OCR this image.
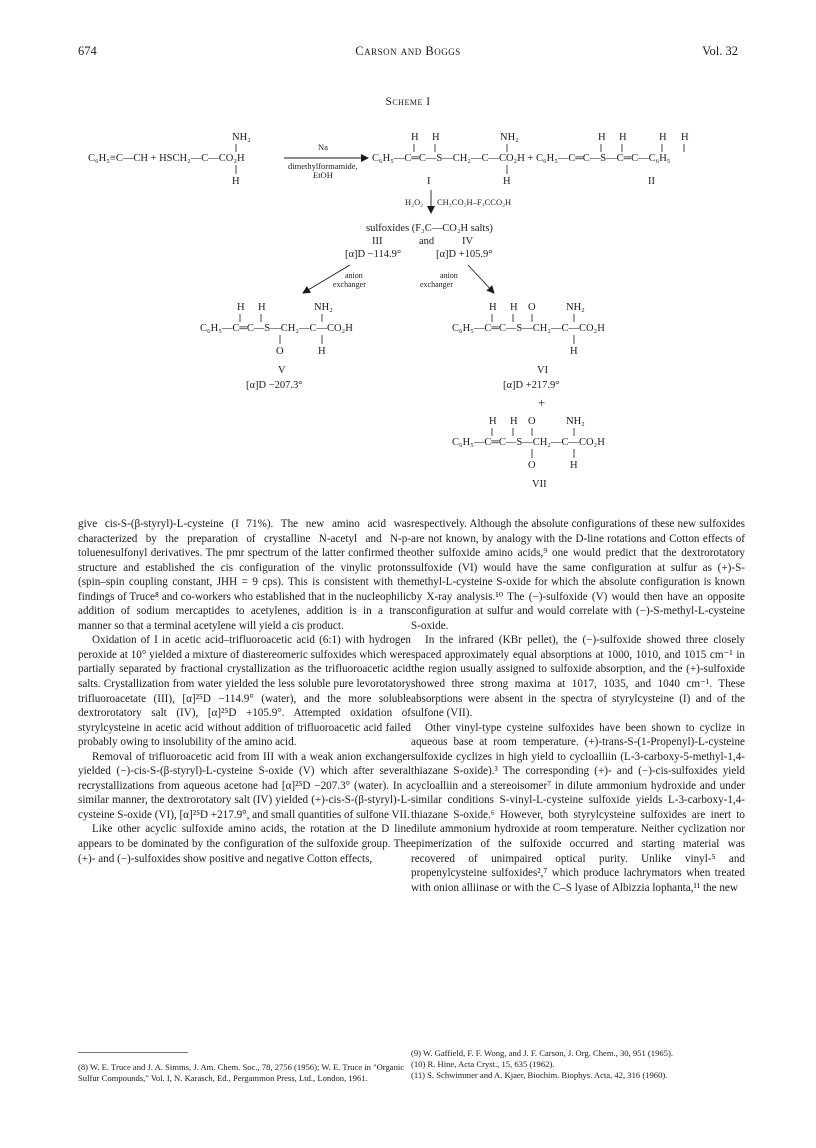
674	Carson and Boggs	Vol. 32
Scheme I
C₆H₅≡C—CH + HSCH₂—C—CO₂H
NH₂
H
Na
dimethylformamide,
EtOH
C₆H₅—C═C—S—CH₂—C—CO₂H + C₆H₅—C═C—S—C═C—C₆H₅
H H	NH₂
H
H H	H H
I	II
H₂O₂ CH₃CO₂H–F₃CCO₂H
sulfoxides (F₃C—CO₂H salts)
III	and	IV
[α]D −114.9°	[α]D +105.9°
anion
exchanger
anion
exchanger
C₆H₅—C═C—S—CH₂—C—CO₂H
H H	NH₂
H
O
V
[α]D −207.3°
C₆H₅—C═C—S—CH₂—C—CO₂H
H H O	NH₂
H
VI
[α]D +217.9°
+
C₆H₅—C═C—S—CH₂—C—CO₂H
H H O
O
NH₂
H
VII

give cis-S-(β-styryl)-L-cysteine (I 71%). The new amino acid was characterized by the preparation of crystalline N-acetyl and N-p-toluenesulfonyl derivatives. The pmr spectrum of the latter confirmed the structure and established the cis configuration of the vinylic protons (spin–spin coupling constant, JHH = 9 cps). This is consistent with the findings of Truce⁸ and co-workers who established that in the nucleophilic addition of sodium mercaptides to acetylenes, addition is in a trans manner so that a terminal acetylene will yield a cis product.

Oxidation of I in acetic acid–trifluoroacetic acid (6:1) with hydrogen peroxide at 10° yielded a mixture of diastereomeric sulfoxides which were partially separated by fractional crystallization as the trifluoroacetic acid salts. Crystallization from water yielded the less soluble pure levorotatory trifluoroacetate (III), [α]²⁵D −114.9° (water), and the more soluble dextrorotatory salt (IV), [α]²⁵D +105.9°. Attempted oxidation of styrylcysteine in acetic acid without addition of trifluoroacetic acid failed probably owing to insolubility of the amino acid.

Removal of trifluoroacetic acid from III with a weak anion exchanger yielded (−)-cis-S-(β-styryl)-L-cysteine S-oxide (V) which after several recrystallizations from aqueous acetone had [α]²⁵D −207.3° (water). In a similar manner, the dextrorotatory salt (IV) yielded (+)-cis-S-(β-styryl)-L-cysteine S-oxide (VI), [α]²⁵D +217.9°, and small quantities of sulfone VII.

Like other acyclic sulfoxide amino acids, the rotation at the D line appears to be dominated by the configuration of the sulfoxide group. The (+)- and (−)-sulfoxides show positive and negative Cotton effects,

respectively. Although the absolute configurations of these new sulfoxides are not known, by analogy with the D-line rotations and Cotton effects of other sulfoxide amino acids,⁹ one would predict that the dextrorotatory sulfoxide (VI) would have the same configuration at sulfur as (+)-S-methyl-L-cysteine S-oxide for which the absolute configuration is known by X-ray analysis.¹⁰ The (−)-sulfoxide (V) would then have an opposite configuration at sulfur and would correlate with (−)-S-methyl-L-cysteine S-oxide.

In the infrared (KBr pellet), the (−)-sulfoxide showed three closely spaced approximately equal absorptions at 1000, 1010, and 1015 cm⁻¹ in the region usually assigned to sulfoxide absorption, and the (+)-sulfoxide showed three strong maxima at 1017, 1035, and 1040 cm⁻¹. These absorptions were absent in the spectra of styrylcysteine (I) and of the sulfone (VII).

Other vinyl-type cysteine sulfoxides have been shown to cyclize in aqueous base at room temperature. (+)-trans-S-(1-Propenyl)-L-cysteine sulfoxide cyclizes in high yield to cycloalliin (L-3-carboxy-5-methyl-1,4-thiazane S-oxide).³ The corresponding (+)- and (−)-cis-sulfoxides yield cycloalliin and a stereoisomer⁷ in dilute ammonium hydroxide and under similar conditions S-vinyl-L-cysteine sulfoxide yields L-3-carboxy-1,4-thiazane S-oxide.⁶ However, both styrylcysteine sulfoxides are inert to dilute ammonium hydroxide at room temperature. Neither cyclization nor epimerization of the sulfoxide occurred and starting material was recovered of unimpaired optical purity. Unlike vinyl-⁵ and propenylcysteine sulfoxides²,⁷ which produce lachrymators when treated with onion alliinase or with the C–S lyase of Albizzia lophanta,¹¹ the new

(8) W. E. Truce and J. A. Simms, J. Am. Chem. Soc., 78, 2756 (1956); W. E. Truce in "Organic Sulfur Compounds," Vol. I, N. Karasch, Ed., Pergammon Press, Ltd., London, 1961.

(9) W. Gaffield, F. F. Wong, and J. F. Carson, J. Org. Chem., 30, 951 (1965).

(10) R. Hine, Acta Cryst., 15, 635 (1962).

(11) S. Schwimmer and A. Kjaer, Biochim. Biophys. Acta, 42, 316 (1960).
